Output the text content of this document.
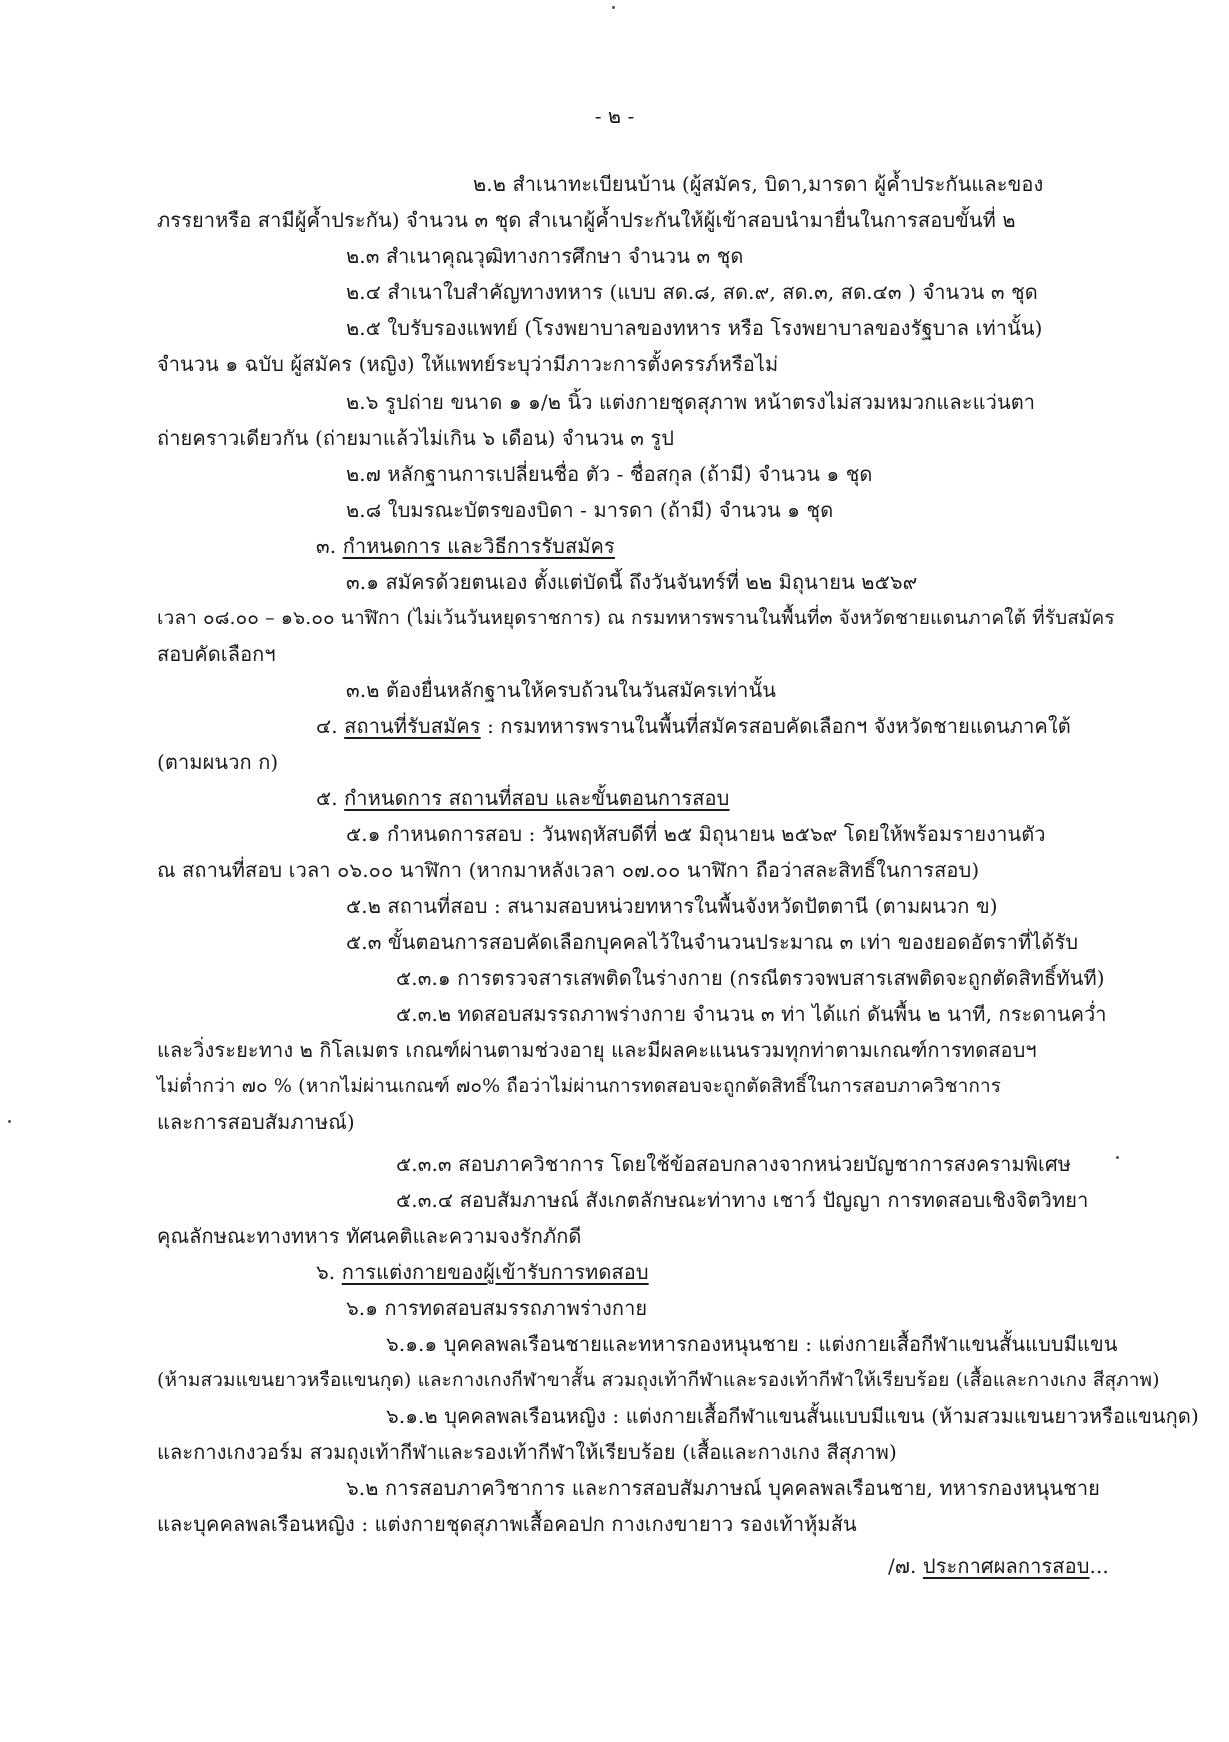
- ๒ -
๒.๒ สำเนาทะเบียนบ้าน (ผู้สมัคร, บิดา,มารดา ผู้ค้ำประกันและของ
ภรรยาหรือ สามีผู้ค้ำประกัน) จำนวน ๓ ชุด สำเนาผู้ค้ำประกันให้ผู้เข้าสอบนำมายื่นในการสอบขั้นที่ ๒
๒.๓ สำเนาคุณวุฒิทางการศึกษา จำนวน ๓ ชุด
๒.๔ สำเนาใบสำคัญทางทหาร (แบบ สด.๘, สด.๙, สด.๓, สด.๔๓ ) จำนวน ๓ ชุด
๒.๕ ใบรับรองแพทย์ (โรงพยาบาลของทหาร หรือ โรงพยาบาลของรัฐบาล เท่านั้น)
จำนวน ๑ ฉบับ ผู้สมัคร (หญิง) ให้แพทย์ระบุว่ามีภาวะการตั้งครรภ์หรือไม่
๒.๖ รูปถ่าย ขนาด ๑ ๑/๒ นิ้ว แต่งกายชุดสุภาพ หน้าตรงไม่สวมหมวกและแว่นตา
ถ่ายคราวเดียวกัน (ถ่ายมาแล้วไม่เกิน ๖ เดือน) จำนวน ๓ รูป
๒.๗ หลักฐานการเปลี่ยนชื่อ ตัว - ชื่อสกุล (ถ้ามี) จำนวน ๑ ชุด
๒.๘ ใบมรณะบัตรของบิดา - มารดา (ถ้ามี) จำนวน ๑ ชุด
๓. กำหนดการ และวิธีการรับสมัคร
๓.๑ สมัครด้วยตนเอง ตั้งแต่บัดนี้ ถึงวันจันทร์ที่ ๒๒ มิถุนายน ๒๕๖๙
เวลา ๐๘.๐๐ – ๑๖.๐๐ นาฬิกา (ไม่เว้นวันหยุดราชการ) ณ กรมทหารพรานในพื้นที่๓ จังหวัดชายแดนภาคใต้ ที่รับสมัคร
สอบคัดเลือกฯ
๓.๒ ต้องยื่นหลักฐานให้ครบถ้วนในวันสมัครเท่านั้น
๔. สถานที่รับสมัคร : กรมทหารพรานในพื้นที่สมัครสอบคัดเลือกฯ จังหวัดชายแดนภาคใต้
(ตามผนวก ก)
๕. กำหนดการ สถานที่สอบ และขั้นตอนการสอบ
๕.๑ กำหนดการสอบ : วันพฤหัสบดีที่ ๒๕ มิถุนายน ๒๕๖๙ โดยให้พร้อมรายงานตัว
ณ สถานที่สอบ เวลา ๐๖.๐๐ นาฬิกา (หากมาหลังเวลา ๐๗.๐๐ นาฬิกา ถือว่าสละสิทธิ์ในการสอบ)
๕.๒ สถานที่สอบ : สนามสอบหน่วยทหารในพื้นจังหวัดปัตตานี (ตามผนวก ข)
๕.๓ ขั้นตอนการสอบคัดเลือกบุคคลไว้ในจำนวนประมาณ ๓ เท่า ของยอดอัตราที่ได้รับ
๕.๓.๑ การตรวจสารเสพติดในร่างกาย (กรณีตรวจพบสารเสพติดจะถูกตัดสิทธิ์ทันที)
๕.๓.๒ ทดสอบสมรรถภาพร่างกาย จำนวน ๓ ท่า ได้แก่ ดันพื้น ๒ นาที, กระดานคว่ำ
และวิ่งระยะทาง ๒ กิโลเมตร เกณฑ์ผ่านตามช่วงอายุ และมีผลคะแนนรวมทุกท่าตามเกณฑ์การทดสอบฯ
ไม่ต่ำกว่า ๗๐ % (หากไม่ผ่านเกณฑ์ ๗๐% ถือว่าไม่ผ่านการทดสอบจะถูกตัดสิทธิ์ในการสอบภาควิชาการ
และการสอบสัมภาษณ์)
๕.๓.๓ สอบภาควิชาการ โดยใช้ข้อสอบกลางจากหน่วยบัญชาการสงครามพิเศษ
๕.๓.๔ สอบสัมภาษณ์ สังเกตลักษณะท่าทาง เชาว์ ปัญญา การทดสอบเชิงจิตวิทยา
คุณลักษณะทางทหาร ทัศนคติและความจงรักภักดี
๖. การแต่งกายของผู้เข้ารับการทดสอบ
๖.๑ การทดสอบสมรรถภาพร่างกาย
๖.๑.๑ บุคคลพลเรือนชายและทหารกองหนุนชาย : แต่งกายเสื้อกีฬาแขนสั้นแบบมีแขน
(ห้ามสวมแขนยาวหรือแขนกุด) และกางเกงกีฬาขาสั้น สวมถุงเท้ากีฬาและรองเท้ากีฬาให้เรียบร้อย (เสื้อและกางเกง สีสุภาพ)
๖.๑.๒ บุคคลพลเรือนหญิง : แต่งกายเสื้อกีฬาแขนสั้นแบบมีแขน (ห้ามสวมแขนยาวหรือแขนกุด)
และกางเกงวอร์ม สวมถุงเท้ากีฬาและรองเท้ากีฬาให้เรียบร้อย (เสื้อและกางเกง สีสุภาพ)
๖.๒ การสอบภาควิชาการ และการสอบสัมภาษณ์ บุคคลพลเรือนชาย, ทหารกองหนุนชาย
และบุคคลพลเรือนหญิง : แต่งกายชุดสุภาพเสื้อคอปก กางเกงขายาว รองเท้าหุ้มส้น
/๗. ประกาศผลการสอบ...
